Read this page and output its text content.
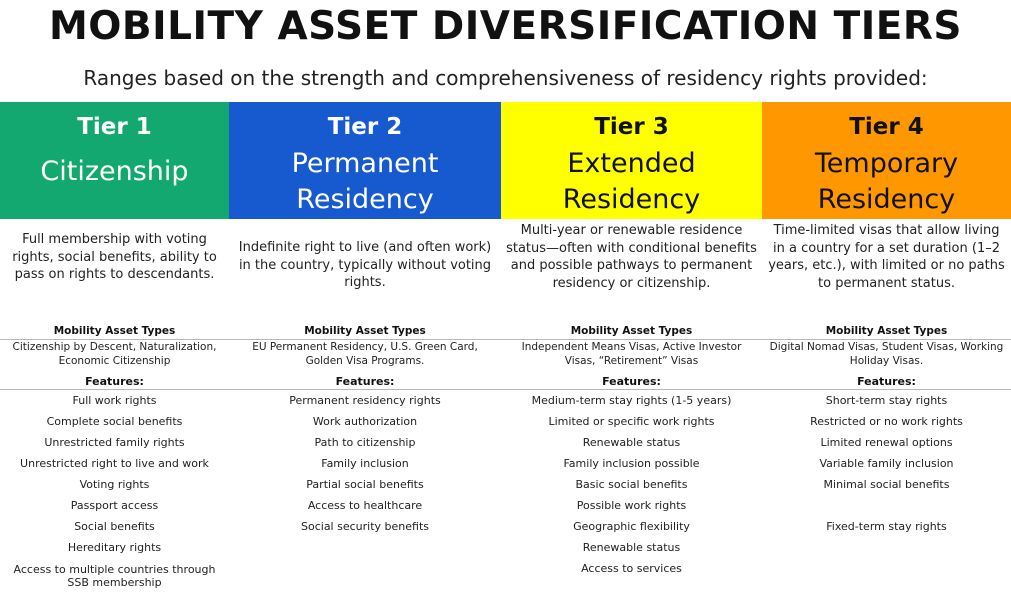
MOBILITY ASSET DIVERSIFICATION TIERS
Ranges based on the strength and comprehensiveness of residency rights provided:
Tier 1
Citizenship
Full membership with voting rights, social benefits, ability to pass on rights to descendants.
Mobility Asset Types
Citizenship by Descent, Naturalization, Economic Citizenship
Features:
Full work rights
Complete social benefits
Unrestricted family rights
Unrestricted right to live and work
Voting rights
Passport access
Social benefits
Hereditary rights
Access to multiple countries through SSB membership
Tier 2
Permanent Residency
Indefinite right to live (and often work) in the country, typically without voting rights.
Mobility Asset Types
EU Permanent Residency, U.S. Green Card, Golden Visa Programs.
Features:
Permanent residency rights
Work authorization
Path to citizenship
Family inclusion
Partial social benefits
Access to healthcare
Social security benefits
Tier 3
Extended Residency
Multi-year or renewable residence status—often with conditional benefits and possible pathways to permanent residency or citizenship.
Mobility Asset Types
Independent Means Visas, Active Investor Visas, “Retirement” Visas
Features:
Medium-term stay rights (1-5 years)
Limited or specific work rights
Renewable status
Family inclusion possible
Basic social benefits
Possible work rights
Geographic flexibility
Renewable status
Access to services
Tier 4
Temporary Residency
Time-limited visas that allow living in a country for a set duration (1–2 years, etc.), with limited or no paths to permanent status.
Mobility Asset Types
Digital Nomad Visas, Student Visas, Working Holiday Visas.
Features:
Short-term stay rights
Restricted or no work rights
Limited renewal options
Variable family inclusion
Minimal social benefits
Fixed-term stay rights
